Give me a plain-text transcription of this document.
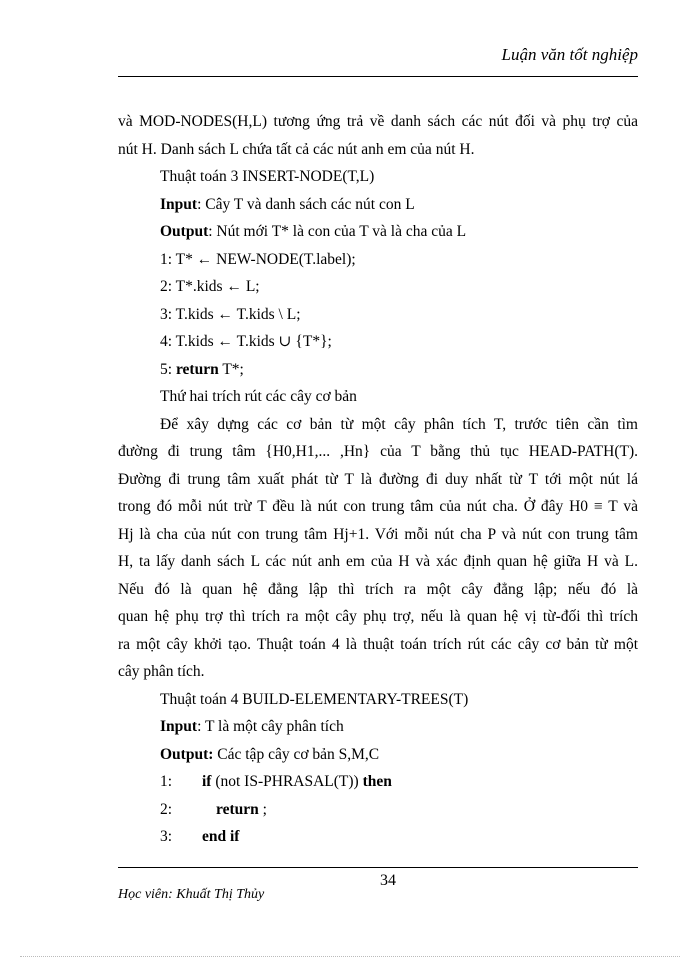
Luận văn tốt nghiệp

và MOD-NODES(H,L) tương ứng trả về danh sách các nút đối và phụ trợ của

nút H. Danh sách L chứa tất cả các nút anh em của nút H.

Thuật toán 3 INSERT-NODE(T,L)

Input: Cây T và danh sách các nút con L

Output: Nút mới T* là con của T và là cha của L

1: T* ← NEW-NODE(T.label);

2: T*.kids ← L;

3: T.kids ← T.kids \ L;

4: T.kids ← T.kids ∪ {T*};

5: return T*;

Thứ hai trích rút các cây cơ bản

Để xây dựng các cơ bản từ một cây phân tích T, trước tiên cần tìm

đường đi trung tâm {H0,H1,... ,Hn} của T bằng thủ tục HEAD-PATH(T).

Đường đi trung tâm xuất phát từ T là đường đi duy nhất từ T tới một nút lá

trong đó mỗi nút trừ T đều là nút con trung tâm của nút cha. Ở đây H0 ≡ T và

Hj là cha của nút con trung tâm Hj+1. Với mỗi nút cha P và nút con trung tâm

H, ta lấy danh sách L các nút anh em của H và xác định quan hệ giữa H và L.

Nếu đó là quan hệ đẳng lập thì trích ra một cây đẳng lập; nếu đó là

quan hệ phụ trợ thì trích ra một cây phụ trợ, nếu là quan hệ vị từ-đối thì trích

ra một cây khởi tạo. Thuật toán 4 là thuật toán trích rút các cây cơ bản từ một

cây phân tích.

Thuật toán 4 BUILD-ELEMENTARY-TREES(T)

Input: T là một cây phân tích

Output: Các tập cây cơ bản S,M,C

1: if (not IS-PHRASAL(T)) then

2:	return ;

3: end if

Học viên: Khuất Thị Thủy
34
